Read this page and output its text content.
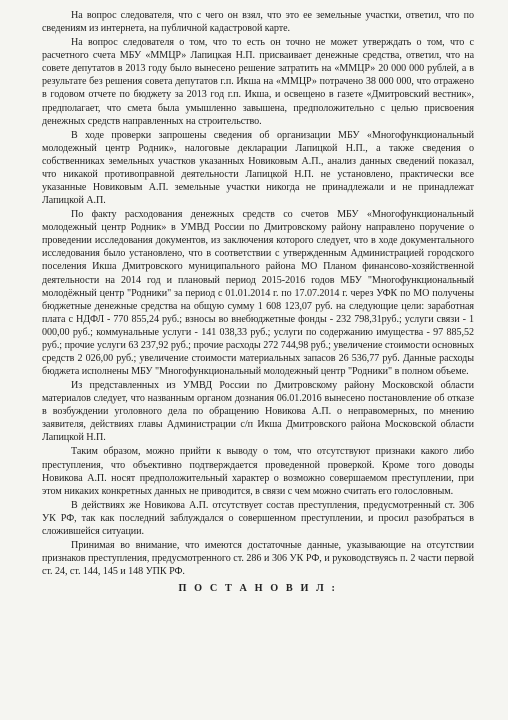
На вопрос следователя, что с чего он взял, что это ее земельные участки, ответил, что по сведениям из интернета, на публичной кадастровой карте.

На вопрос следователя о том, что то есть он точно не может утверждать о том, что с расчетного счета МБУ «ММЦР» Лапицкая Н.П. присваивает денежные средства, ответил, что на совете депутатов в 2013 году было вынесено решение затратить на «ММЦР» 20 000 000 рублей, а в результате без решения совета депутатов г.п. Икша на «ММЦР» потрачено 38 000 000, что отражено в годовом отчете по бюджету за 2013 год г.п. Икша, и освещено в газете «Дмитровский вестник», предполагает, что смета была умышленно завышена, предположительно с целью присвоения денежных средств направленных на строительство.

В ходе проверки запрошены сведения об организации МБУ «Многофункциональный молодежный центр Родник», налоговые декларации Лапицкой Н.П., а также сведения о собственниках земельных участков указанных Новиковым А.П., анализ данных сведений показал, что никакой противоправной деятельности Лапицкой Н.П. не установлено, практически все указанные Новиковым А.П. земельные участки никогда не принадлежали и не принадлежат Лапицкой А.П.

По факту расходования денежных средств со счетов МБУ «Многофункциональный молодежный центр Родник» в УМВД России по Дмитровскому району направлено поручение о проведении исследования документов, из заключения которого следует, что в ходе документального исследования было установлено, что в соответствии с утвержденным Администрацией городского поселения Икша Дмитровского муниципального района МО Планом финансово-хозяйственной деятельности на 2014 год и плановый период 2015-2016 годов МБУ "Многофункциональный молодёжный центр "Родники" за период с 01.01.2014 г. по 17.07.2014 г. через УФК по МО получены бюджетные денежные средства на общую сумму 1 608 123,07 руб. на следующие цели: заработная плата с НДФЛ - 770 855,24 руб.; взносы во внебюджетные фонды - 232 798,31руб.; услуги связи - 1 000,00 руб.; коммунальные услуги - 141 038,33 руб.; услуги по содержанию имущества - 97 885,52 руб.; прочие услуги 63 237,92 руб.; прочие расходы 272 744,98 руб.; увеличение стоимости основных средств 2 026,00 руб.; увеличение стоимости материальных запасов 26 536,77 руб. Данные расходы бюджета исполнены МБУ "Многофункциональный молодежный центр "Родники" в полном объеме.

Из представленных из УМВД России по Дмитровскому району Московской области материалов следует, что названным органом дознания 06.01.2016 вынесено постановление об отказе в возбуждении уголовного дела по обращению Новикова А.П. о неправомерных, по мнению заявителя, действиях главы Администрации с/п Икша Дмитровского района Московской области Лапицкой Н.П.

Таким образом, можно прийти к выводу о том, что отсутствуют признаки какого либо преступления, что объективно подтверждается проведенной проверкой. Кроме того доводы Новикова А.П. носят предположительный характер о возможно совершаемом преступлении, при этом никаких конкретных данных не приводится, в связи с чем можно считать его голословным.

В действиях же Новикова А.П. отсутствует состав преступления, предусмотренный ст. 306 УК РФ, так как последний заблуждался о совершенном преступлении, и просил разобраться в сложившейся ситуации.

Принимая во внимание, что имеются достаточные данные, указывающие на отсутствии признаков преступления, предусмотренного ст. 286 и 306 УК РФ, и руководствуясь п. 2 части первой ст. 24, ст. 144, 145 и 148 УПК РФ.

П О С Т А Н О В И Л :
